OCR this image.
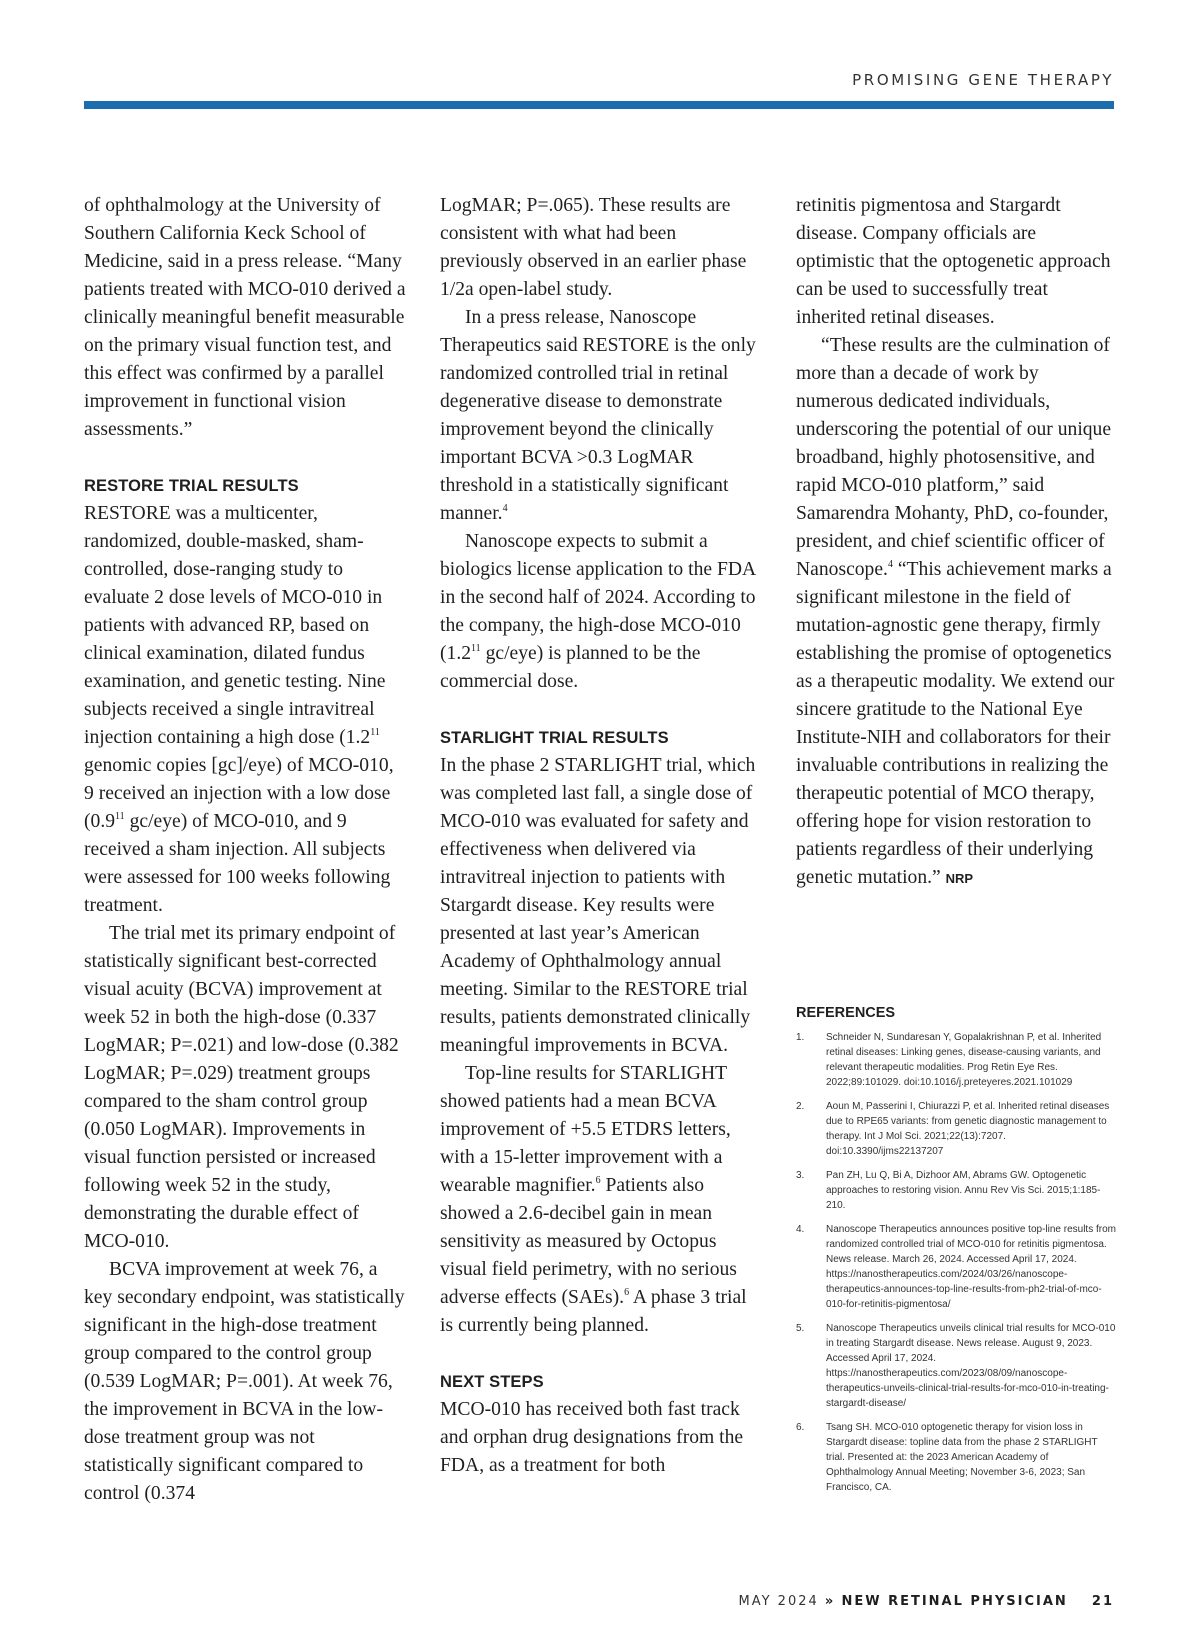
PROMISING GENE THERAPY

of ophthalmology at the University of Southern California Keck School of Medicine, said in a press release. “Many patients treated with MCO-010 derived a clinically meaningful benefit measurable on the primary visual function test, and this effect was confirmed by a parallel improvement in functional vision assessments.”

RESTORE TRIAL RESULTS

RESTORE was a multicenter, randomized, double-masked, sham-controlled, dose-ranging study to evaluate 2 dose levels of MCO-010 in patients with advanced RP, based on clinical examination, dilated fundus examination, and genetic testing. Nine subjects received a single intravitreal injection containing a high dose ($1.2^{11}$ genomic copies [gc]/eye) of MCO-010, 9 received an injection with a low dose ($0.9^{11}$ gc/eye) of MCO-010, and 9 received a sham injection. All subjects were assessed for 100 weeks following treatment.

The trial met its primary endpoint of statistically significant best-corrected visual acuity (BCVA) improvement at week 52 in both the high-dose (0.337 LogMAR; P=.021) and low-dose (0.382 LogMAR; P=.029) treatment groups compared to the sham control group (0.050 LogMAR). Improvements in visual function persisted or increased following week 52 in the study, demonstrating the durable effect of MCO-010.

BCVA improvement at week 76, a key secondary endpoint, was statistically significant in the high-dose treatment group compared to the control group (0.539 LogMAR; P=.001). At week 76, the improvement in BCVA in the low-dose treatment group was not statistically significant compared to control (0.374

LogMAR; P=.065). These results are consistent with what had been previously observed in an earlier phase 1/2a open-label study.

In a press release, Nanoscope Therapeutics said RESTORE is the only randomized controlled trial in retinal degenerative disease to demonstrate improvement beyond the clinically important BCVA >0.3 LogMAR threshold in a statistically significant manner.$^4$

Nanoscope expects to submit a biologics license application to the FDA in the second half of 2024. According to the company, the high-dose MCO-010 ($1.2^{11}$ gc/eye) is planned to be the commercial dose.

STARLIGHT TRIAL RESULTS

In the phase 2 STARLIGHT trial, which was completed last fall, a single dose of MCO-010 was evaluated for safety and effectiveness when delivered via intravitreal injection to patients with Stargardt disease. Key results were presented at last year’s American Academy of Ophthalmology annual meeting. Similar to the RESTORE trial results, patients demonstrated clinically meaningful improvements in BCVA.

Top-line results for STARLIGHT showed patients had a mean BCVA improvement of +5.5 ETDRS letters, with a 15-letter improvement with a wearable magnifier.$^6$ Patients also showed a 2.6-decibel gain in mean sensitivity as measured by Octopus visual field perimetry, with no serious adverse effects (SAEs).$^6$ A phase 3 trial is currently being planned.

NEXT STEPS

MCO-010 has received both fast track and orphan drug designations from the FDA, as a treatment for both

retinitis pigmentosa and Stargardt disease. Company officials are optimistic that the optogenetic approach can be used to successfully treat inherited retinal diseases.

“These results are the culmination of more than a decade of work by numerous dedicated individuals, underscoring the potential of our unique broadband, highly photosensitive, and rapid MCO-010 platform,” said Samarendra Mohanty, PhD, co-founder, president, and chief scientific officer of Nanoscope.$^4$ “This achievement marks a significant milestone in the field of mutation-agnostic gene therapy, firmly establishing the promise of optogenetics as a therapeutic modality. We extend our sincere gratitude to the National Eye Institute-NIH and collaborators for their invaluable contributions in realizing the therapeutic potential of MCO therapy, offering hope for vision restoration to patients regardless of their underlying genetic mutation.” NRP

REFERENCES
1.	Schneider N, Sundaresan Y, Gopalakrishnan P, et al. Inherited retinal diseases: Linking genes, disease-causing variants, and relevant therapeutic modalities. Prog Retin Eye Res. 2022;89:101029. doi:10.1016/j.preteyeres.2021.101029
2.	Aoun M, Passerini I, Chiurazzi P, et al. Inherited retinal diseases due to RPE65 variants: from genetic diagnostic management to therapy. Int J Mol Sci. 2021;22(13):7207. doi:10.3390/ijms22137207
3.	Pan ZH, Lu Q, Bi A, Dizhoor AM, Abrams GW. Optogenetic approaches to restoring vision. Annu Rev Vis Sci. 2015;1:185-210.
4.	Nanoscope Therapeutics announces positive top-line results from randomized controlled trial of MCO-010 for retinitis pigmentosa. News release. March 26, 2024. Accessed April 17, 2024. https://nanostherapeutics.com/2024/03/26/nanoscope-therapeutics-announces-top-line-results-from-ph2-trial-of-mco-010-for-retinitis-pigmentosa/
5.	Nanoscope Therapeutics unveils clinical trial results for MCO-010 in treating Stargardt disease. News release. August 9, 2023. Accessed April 17, 2024. https://nanostherapeutics.com/2023/08/09/nanoscope-therapeutics-unveils-clinical-trial-results-for-mco-010-in-treating-stargardt-disease/
6.	Tsang SH. MCO-010 optogenetic therapy for vision loss in Stargardt disease: topline data from the phase 2 STARLIGHT trial. Presented at: the 2023 American Academy of Ophthalmology Annual Meeting; November 3-6, 2023; San Francisco, CA.
MAY 2024 » NEW RETINAL PHYSICIAN 21
